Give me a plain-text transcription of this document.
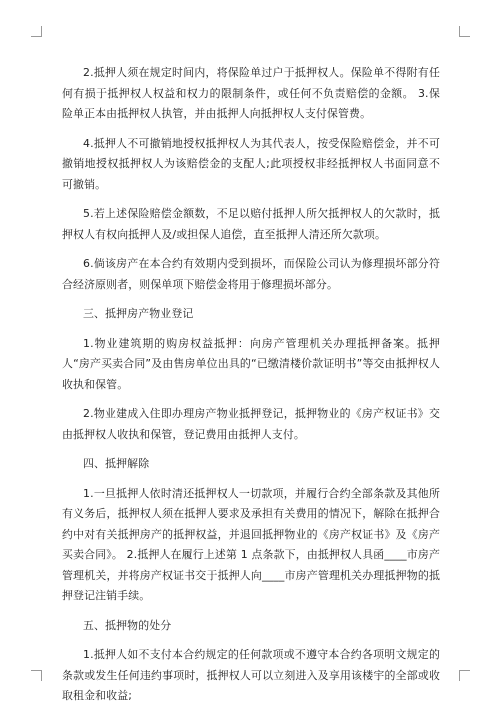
2.抵押人须在规定时间内，将保险单过户于抵押权人。保险单不得附有任何有损于抵押权人权益和权力的限制条件，或任何不负责赔偿的金额。 3.保险单正本由抵押权人执管，并由抵押人向抵押权人支付保管费。

4.抵押人不可撤销地授权抵押权人为其代表人，按受保险赔偿金，并不可撤销地授权抵押权人为该赔偿金的支配人;此项授权非经抵押权人书面同意不可撤销。

5.若上述保险赔偿金额数，不足以赔付抵押人所欠抵押权人的欠款时，抵押权人有权向抵押人及/或担保人追偿，直至抵押人清还所欠款项。

6.倘该房产在本合约有效期内受到损坏，而保险公司认为修理损坏部分符合经济原则者，则保单项下赔偿金将用于修理损坏部分。

三、抵押房产物业登记

1.物业建筑期的购房权益抵押：向房产管理机关办理抵押备案。抵押人“房产买卖合同”及由售房单位出具的“已缴清楼价款证明书”等交由抵押权人收执和保管。

2.物业建成入住即办理房产物业抵押登记，抵押物业的《房产权证书》交由抵押权人收执和保管，登记费用由抵押人支付。

四、抵押解除

1.一旦抵押人依时清还抵押权人一切款项，并履行合约全部条款及其他所有义务后，抵押权人须在抵押人要求及承担有关费用的情况下，解除在抵押合约中对有关抵押房产的抵押权益，并退回抵押物业的《房产权证书》及《房产买卖合同》。 2.抵押人在履行上述第 1 点条款下，由抵押权人具函____市房产管理机关，并将房产权证书交于抵押人向____市房产管理机关办理抵押物的抵押登记注销手续。

五、抵押物的处分

1.抵押人如不支付本合约规定的任何款项或不遵守本合约各项明文规定的条款或发生任何违约事项时，抵押权人可以立刻进入及享用该楼宇的全部或收取租金和收益;
